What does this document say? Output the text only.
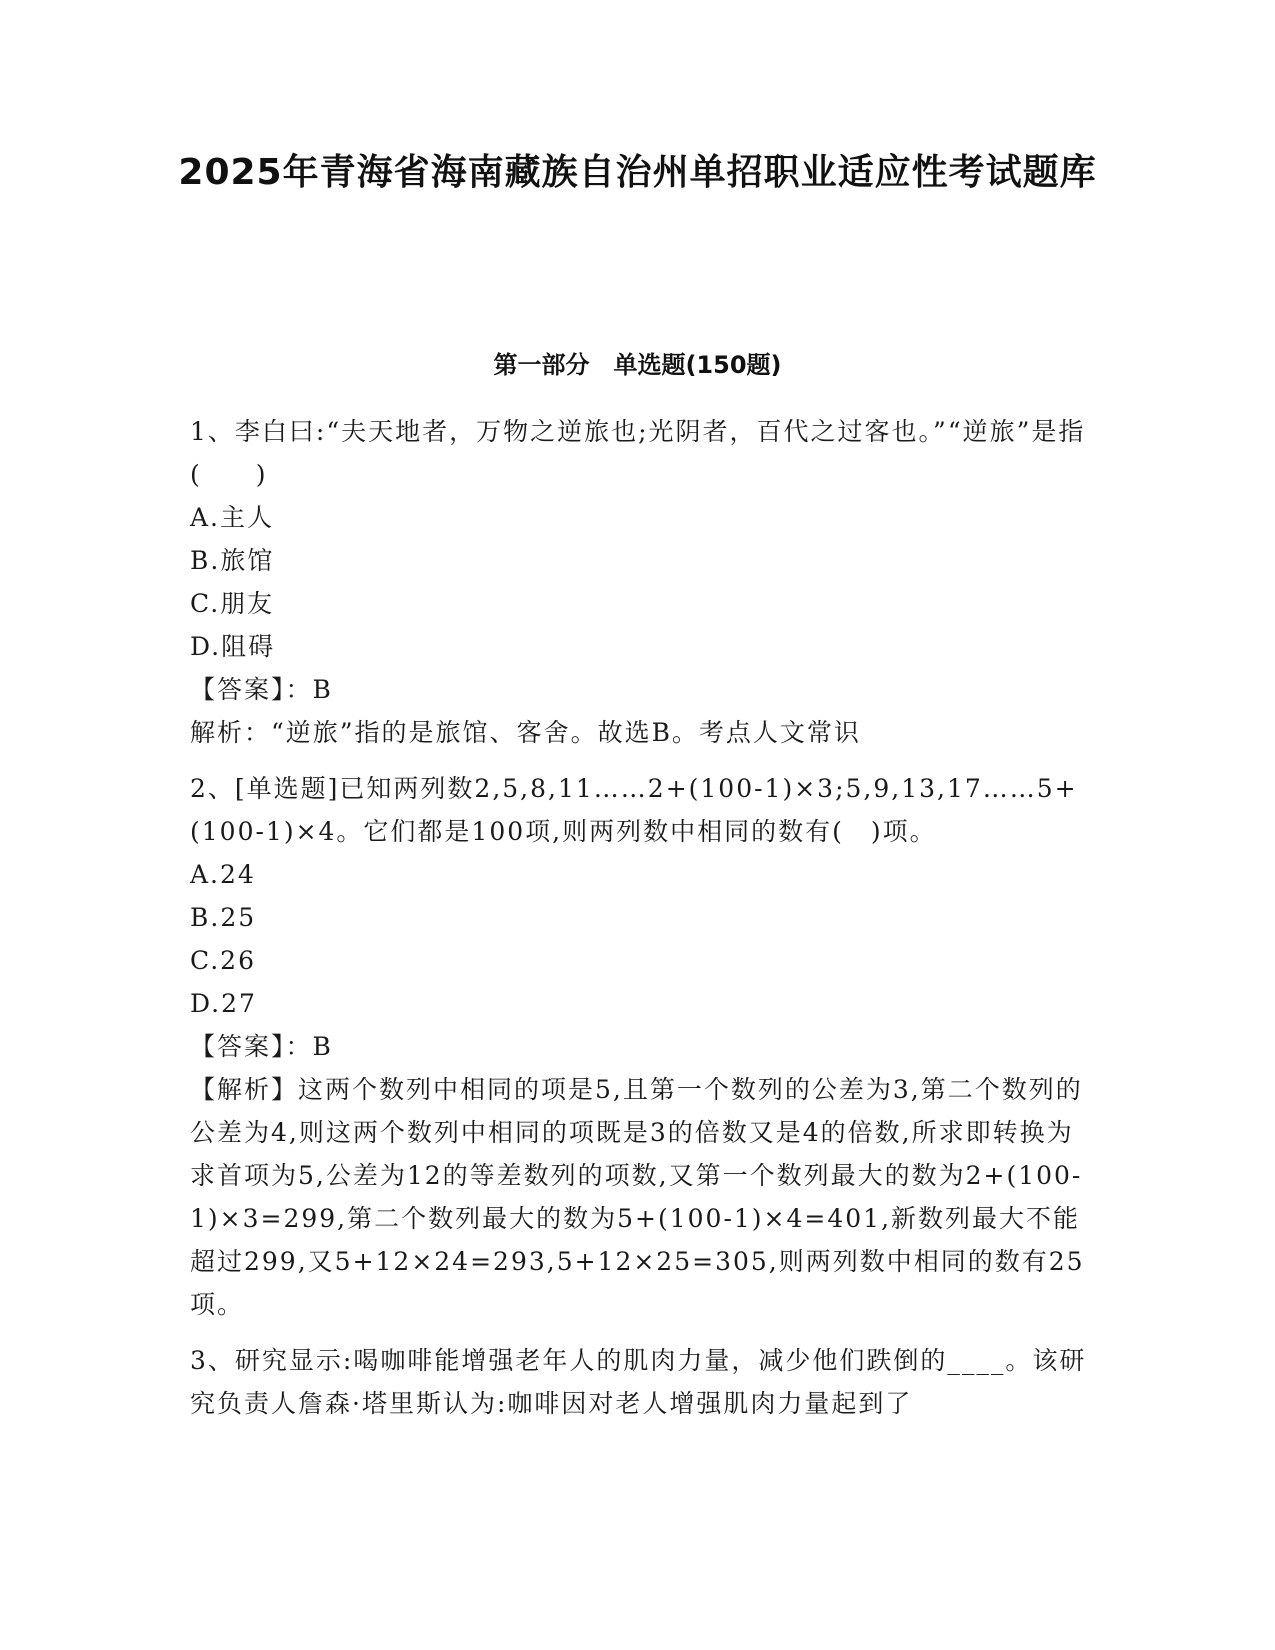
2025年青海省海南藏族自治州单招职业适应性考试题库
第一部分　单选题(150题)

1、李白曰:“夫天地者，万物之逆旅也;光阴者，百代之过客也。”“逆旅”是指(　　)

A.主人

B.旅馆

C.朋友

D.阻碍

【答案】：B

解析：“逆旅”指的是旅馆、客舍。故选B。考点人文常识

2、[单选题]已知两列数2,5,8,11……2+(100-1)×3;5,9,13,17……5+(100-1)×4。它们都是100项,则两列数中相同的数有(　)项。

A.24

B.25

C.26

D.27

【答案】：B

【解析】这两个数列中相同的项是5,且第一个数列的公差为3,第二个数列的公差为4,则这两个数列中相同的项既是3的倍数又是4的倍数,所求即转换为求首项为5,公差为12的等差数列的项数,又第一个数列最大的数为2+(100-1)×3=299,第二个数列最大的数为5+(100-1)×4=401,新数列最大不能超过299,又5+12×24=293,5+12×25=305,则两列数中相同的数有25项。

3、研究显示:喝咖啡能增强老年人的肌肉力量，减少他们跌倒的____。该研究负责人詹森·塔里斯认为:咖啡因对老人增强肌肉力量起到了
